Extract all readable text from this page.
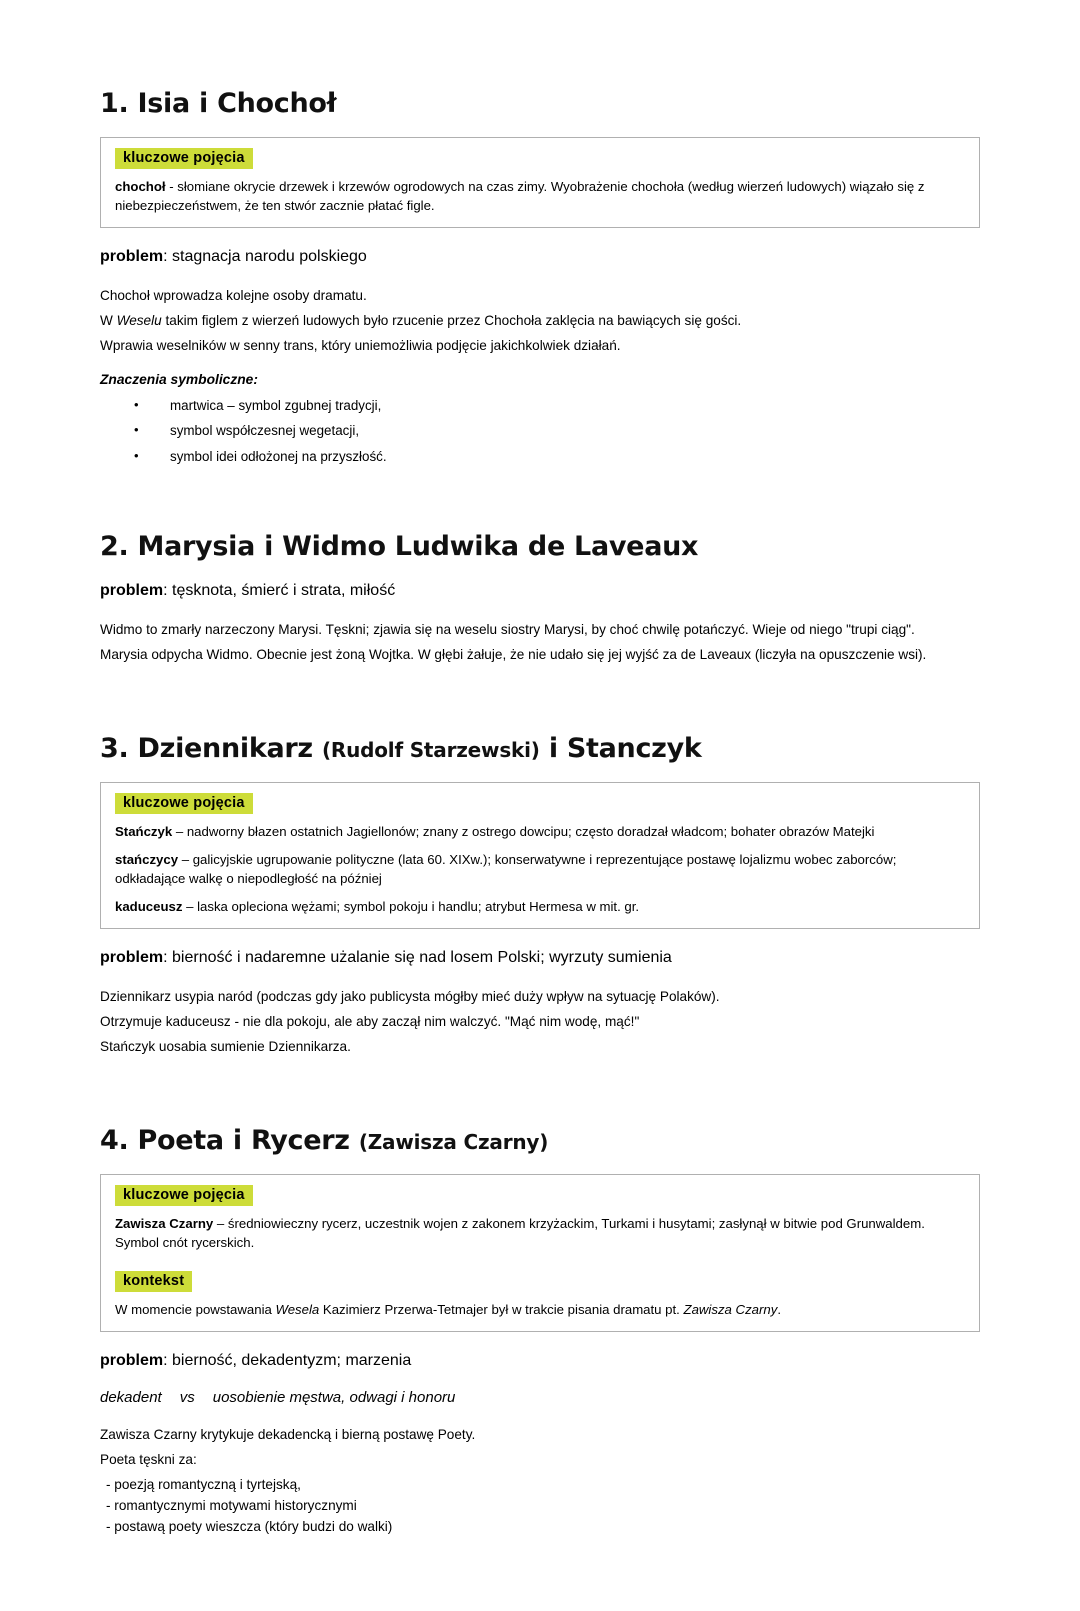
1. Isia i Chochoł
kluczowe pojęcia

chochoł - słomiane okrycie drzewek i krzewów ogrodowych na czas zimy. Wyobrażenie chochoła (według wierzeń ludowych) wiązało się z niebezpieczeństwem, że ten stwór zacznie płatać figle.

problem: stagnacja narodu polskiego

Chochoł wprowadza kolejne osoby dramatu.

W Weselu takim figlem z wierzeń ludowych było rzucenie przez Chochoła zaklęcia na bawiących się gości.

Wprawia weselników w senny trans, który uniemożliwia podjęcie jakichkolwiek działań.

Znaczenia symboliczne:

• martwica – symbol zgubnej tradycji,
• symbol współczesnej wegetacji,
• symbol idei odłożonej na przyszłość.
2. Marysia i Widmo Ludwika de Laveaux

problem: tęsknota, śmierć i strata, miłość

Widmo to zmarły narzeczony Marysi. Tęskni; zjawia się na weselu siostry Marysi, by choć chwilę potańczyć. Wieje od niego "trupi ciąg".

Marysia odpycha Widmo. Obecnie jest żoną Wojtka. W głębi żałuje, że nie udało się jej wyjść za de Laveaux (liczyła na opuszczenie wsi).

3. Dziennikarz (Rudolf Starzewski) i Stanczyk
kluczowe pojęcia

Stańczyk – nadworny błazen ostatnich Jagiellonów; znany z ostrego dowcipu; często doradzał władcom; bohater obrazów Matejki

stańczycy – galicyjskie ugrupowanie polityczne (lata 60. XIXw.); konserwatywne i reprezentujące postawę lojalizmu wobec zaborców; odkładające walkę o niepodległość na później

kaduceusz – laska opleciona wężami; symbol pokoju i handlu; atrybut Hermesa w mit. gr.

problem: bierność i nadaremne użalanie się nad losem Polski; wyrzuty sumienia

Dziennikarz usypia naród (podczas gdy jako publicysta mógłby mieć duży wpływ na sytuację Polaków).

Otrzymuje kaduceusz - nie dla pokoju, ale aby zaczął nim walczyć. "Mąć nim wodę, mąć!"

Stańczyk uosabia sumienie Dziennikarza.

4. Poeta i Rycerz (Zawisza Czarny)
kluczowe pojęcia

Zawisza Czarny – średniowieczny rycerz, uczestnik wojen z zakonem krzyżackim, Turkami i husytami; zasłynął w bitwie pod Grunwaldem. Symbol cnót rycerskich.

kontekst

W momencie powstawania Wesela Kazimierz Przerwa-Tetmajer był w trakcie pisania dramatu pt. Zawisza Czarny.

problem: bierność, dekadentyzm; marzenia

dekadent vs uosobienie męstwa, odwagi i honoru

Zawisza Czarny krytykuje dekadencką i bierną postawę Poety.

Poeta tęskni za:

- poezją romantyczną i tyrtejską,

- romantycznymi motywami historycznymi

- postawą poety wieszcza (który budzi do walki)
